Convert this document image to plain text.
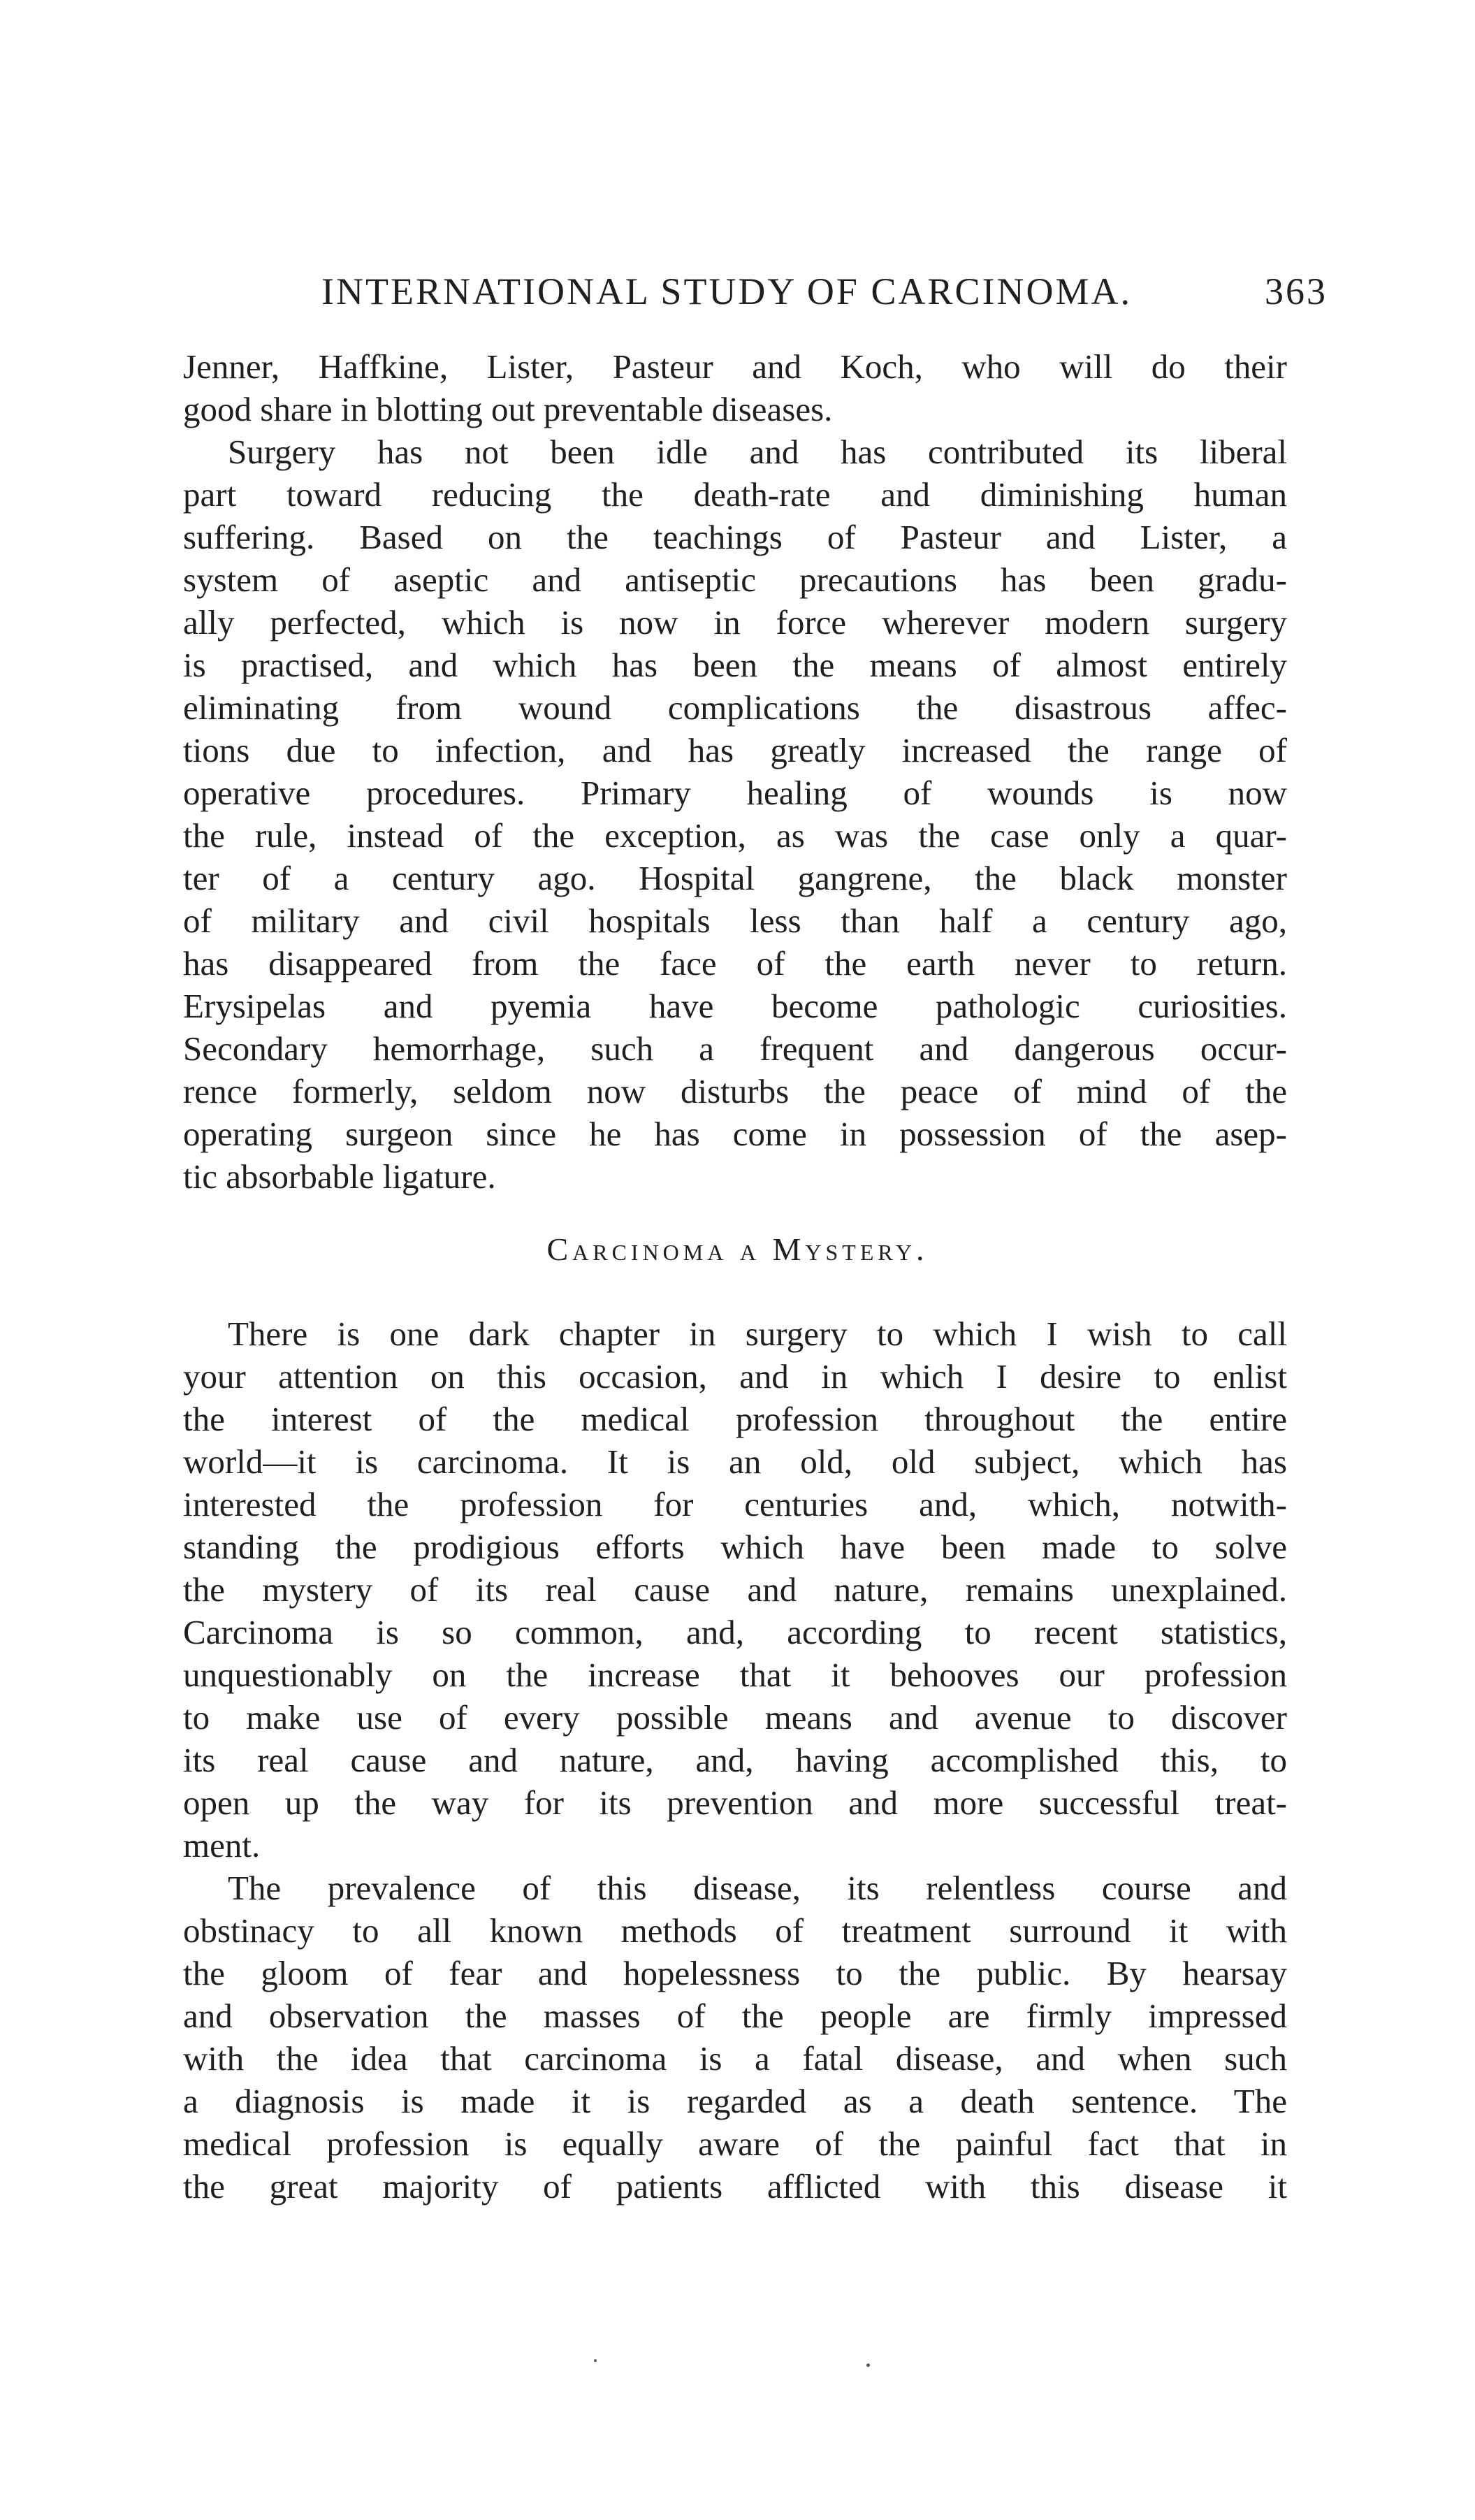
INTERNATIONAL STUDY OF CARCINOMA.	363
Jenner, Haffkine, Lister, Pasteur and Koch, who will do their
good share in blotting out preventable diseases.
Surgery has not been idle and has contributed its liberal
part toward reducing the death-rate and diminishing human
suffering. Based on the teachings of Pasteur and Lister, a
system of aseptic and antiseptic precautions has been gradu-
ally perfected, which is now in force wherever modern surgery
is practised, and which has been the means of almost entirely
eliminating from wound complications the disastrous affec-
tions due to infection, and has greatly increased the range of
operative procedures. Primary healing of wounds is now
the rule, instead of the exception, as was the case only a quar-
ter of a century ago. Hospital gangrene, the black monster
of military and civil hospitals less than half a century ago,
has disappeared from the face of the earth never to return.
Erysipelas and pyemia have become pathologic curiosities.
Secondary hemorrhage, such a frequent and dangerous occur-
rence formerly, seldom now disturbs the peace of mind of the
operating surgeon since he has come in possession of the asep-
tic absorbable ligature.
Carcinoma a Mystery.
There is one dark chapter in surgery to which I wish to call
your attention on this occasion, and in which I desire to enlist
the interest of the medical profession throughout the entire
world—it is carcinoma. It is an old, old subject, which has
interested the profession for centuries and, which, notwith-
standing the prodigious efforts which have been made to solve
the mystery of its real cause and nature, remains unexplained.
Carcinoma is so common, and, according to recent statistics,
unquestionably on the increase that it behooves our profession
to make use of every possible means and avenue to discover
its real cause and nature, and, having accomplished this, to
open up the way for its prevention and more successful treat-
ment.
The prevalence of this disease, its relentless course and
obstinacy to all known methods of treatment surround it with
the gloom of fear and hopelessness to the public. By hearsay
and observation the masses of the people are firmly impressed
with the idea that carcinoma is a fatal disease, and when such
a diagnosis is made it is regarded as a death sentence. The
medical profession is equally aware of the painful fact that in
the great majority of patients afflicted with this disease it
